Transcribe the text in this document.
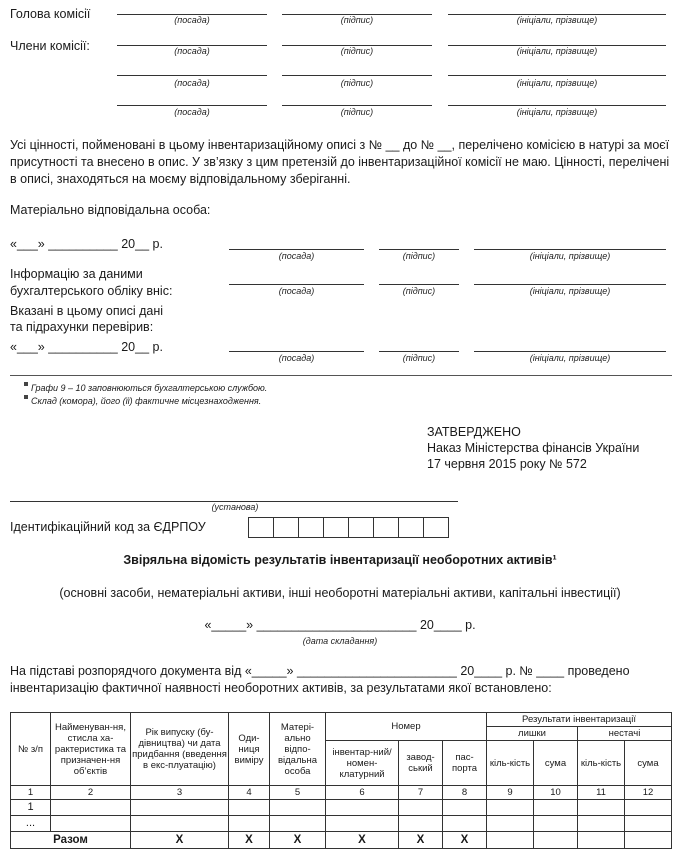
Голова комісії
Члени комісії:
(посада)	(підпис)	(ініціали, прізвище)
(посада)	(підпис)	(ініціали, прізвище)
(посада)	(підпис)	(ініціали, прізвище)
(посада)	(підпис)	(ініціали, прізвище)
Усі цінності, пойменовані в цьому інвентаризаційному описі з № __ до № __, перелічено комісією в натурі за моєї присутності та внесено в опис. У зв’язку з цим претензій до інвентаризаційної комісії не маю. Цінності, перелічені в описі, знаходяться на моєму відповідальному зберіганні.
Матеріально відповідальна особа:
«___» __________ 20__ р.
(посада)	(підпис)	(ініціали, прізвище)
Інформацію за даними
бухгалтерського обліку вніс:	(посада)	(підпис)	(ініціали, прізвище)
Вказані в цьому описі дані
та підрахунки перевірив:
«___» __________ 20__ р.
(посада)	(підпис)	(ініціали, прізвище)
Графи 9 – 10 заповнюються бухгалтерською службою.
Склад (комора), його (її) фактичне місцезнаходження.
ЗАТВЕРДЖЕНО
Наказ Міністерства фінансів України
17 червня 2015 року № 572
(установа)
Ідентифікаційний код за ЄДРПОУ
Звіряльна відомість результатів інвентаризації необоротних активів¹
(основні засоби, нематеріальні активи, інші необоротні матеріальні активи, капітальні інвестиції)
«_____» _______________________ 20____ р.
(дата складання)
На підставі розпорядчого документа від «_____» _______________________ 20____ р. № ____ проведено
інвентаризацію фактичної наявності необоротних активів, за результатами якої встановлено:
№ з/п	Найменуван-ня, стисла ха-рактеристика та призначен-ня об’єктів	Рік випуску (бу-дівництва) чи дата придбання (введення в екс-плуатацію)	Оди-ниця виміру	Матері-ально відпо-відальна особа	Номер			Результати інвентаризації			
								лишки		нестачі	
					інвентар-ний/номен-клатурний	завод-ський	пас-порта	кіль-кість	сума	кіль-кість	сума
1	2	3	4	5	6	7	8	9	10	11	12
1											
...											
Разом		Х	Х	Х	Х	Х	Х				
